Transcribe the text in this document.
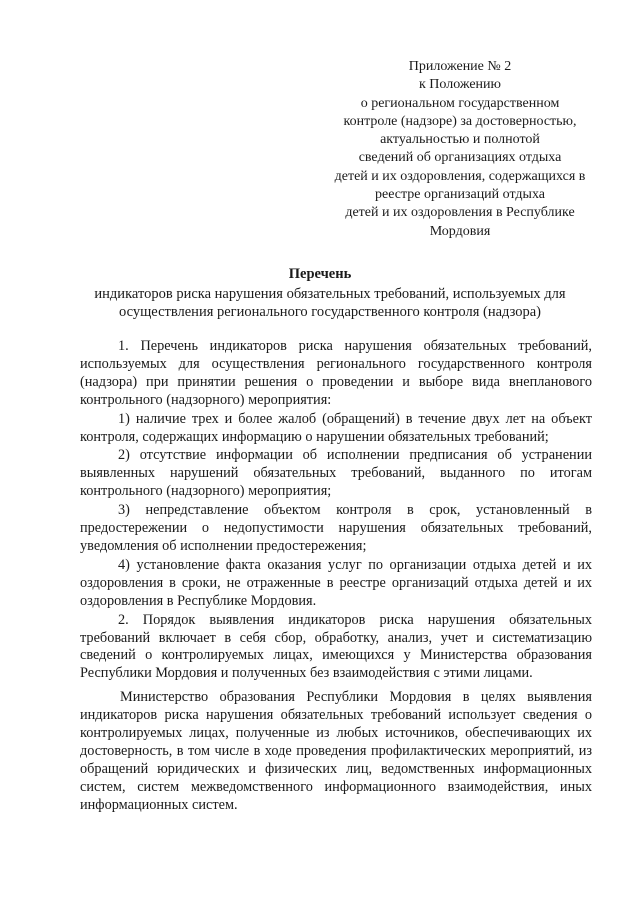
Приложение № 2
к Положению
о региональном государственном
контроле (надзоре) за достоверностью,
актуальностью и полнотой
сведений об организациях отдыха
детей и их оздоровления, содержащихся в
реестре организаций отдыха
детей и их оздоровления в Республике
Мордовия
Перечень
индикаторов риска нарушения обязательных требований, используемых для осуществления регионального государственного контроля (надзора)

1. Перечень индикаторов риска нарушения обязательных требований, используемых для осуществления регионального государственного контроля (надзора) при принятии решения о проведении и выборе вида внепланового контрольного (надзорного) мероприятия:

1) наличие трех и более жалоб (обращений) в течение двух лет на объект контроля, содержащих информацию о нарушении обязательных требований;

2) отсутствие информации об исполнении предписания об устранении выявленных нарушений обязательных требований, выданного по итогам контрольного (надзорного) мероприятия;

3) непредставление объектом контроля в срок, установленный в предостережении о недопустимости нарушения обязательных требований, уведомления об исполнении предостережения;

4) установление факта оказания услуг по организации отдыха детей и их оздоровления в сроки, не отраженные в реестре организаций отдыха детей и их оздоровления в Республике Мордовия.

2. Порядок выявления индикаторов риска нарушения обязательных требований включает в себя сбор, обработку, анализ, учет и систематизацию сведений о контролируемых лицах, имеющихся у Министерства образования Республики Мордовия и полученных без взаимодействия с этими лицами.

Министерство образования Республики Мордовия в целях выявления индикаторов риска нарушения обязательных требований использует сведения о контролируемых лицах, полученные из любых источников, обеспечивающих их достоверность, в том числе в ходе проведения профилактических мероприятий, из обращений юридических и физических лиц, ведомственных информационных систем, систем межведомственного информационного взаимодействия, иных информационных систем.
